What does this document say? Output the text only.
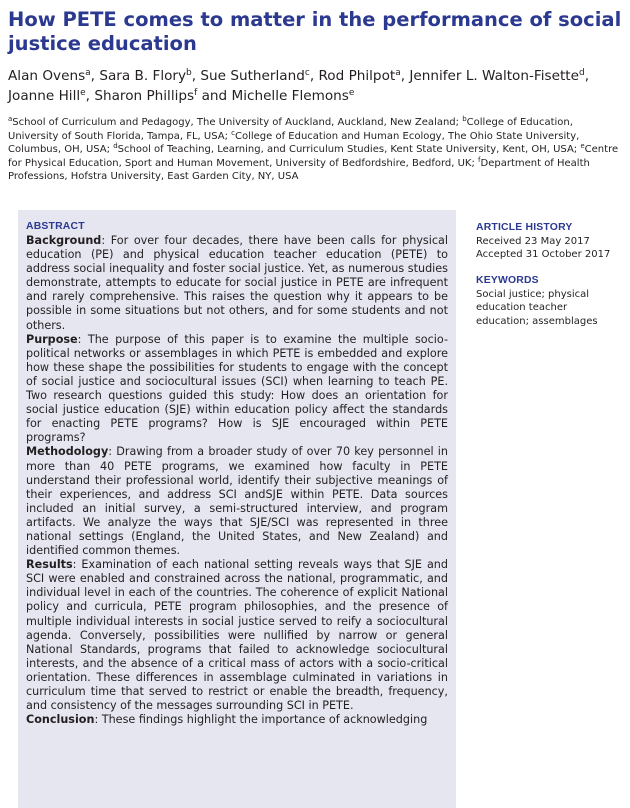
How PETE comes to matter in the performance of social justice education

Alan Ovens$^a$, Sara B. Flory$^b$, Sue Sutherland$^c$, Rod Philpot$^a$, Jennifer L. Walton-Fisette$^d$, Joanne Hill$^e$, Sharon Phillips$^f$ and Michelle Flemons$^e$

$^a$School of Curriculum and Pedagogy, The University of Auckland, Auckland, New Zealand; $^b$College of Education, University of South Florida, Tampa, FL, USA; $^c$College of Education and Human Ecology, The Ohio State University, Columbus, OH, USA; $^d$School of Teaching, Learning, and Curriculum Studies, Kent State University, Kent, OH, USA; $^e$Centre for Physical Education, Sport and Human Movement, University of Bedfordshire, Bedford, UK; $^f$Department of Health Professions, Hofstra University, East Garden City, NY, USA

ABSTRACT

Background: For over four decades, there have been calls for physical education (PE) and physical education teacher education (PETE) to address social inequality and foster social justice. Yet, as numerous studies demonstrate, attempts to educate for social justice in PETE are infrequent and rarely comprehensive. This raises the question why it appears to be possible in some situations but not others, and for some students and not others.

Purpose: The purpose of this paper is to examine the multiple socio-political networks or assemblages in which PETE is embedded and explore how these shape the possibilities for students to engage with the concept of social justice and sociocultural issues (SCI) when learning to teach PE. Two research questions guided this study: How does an orientation for social justice education (SJE) within education policy affect the standards for enacting PETE programs? How is SJE encouraged within PETE programs?

Methodology: Drawing from a broader study of over 70 key personnel in more than 40 PETE programs, we examined how faculty in PETE understand their professional world, identify their subjective meanings of their experiences, and address SCI andSJE within PETE. Data sources included an initial survey, a semi-structured interview, and program artifacts. We analyze the ways that SJE/SCI was represented in three national settings (England, the United States, and New Zealand) and identified common themes.

Results: Examination of each national setting reveals ways that SJE and SCI were enabled and constrained across the national, programmatic, and individual level in each of the countries. The coherence of explicit National policy and curricula, PETE program philosophies, and the presence of multiple individual interests in social justice served to reify a sociocultural agenda. Conversely, possibilities were nullified by narrow or general National Standards, programs that failed to acknowledge sociocultural interests, and the absence of a critical mass of actors with a socio-critical orientation. These differences in assemblage culminated in variations in curriculum time that served to restrict or enable the breadth, frequency, and consistency of the messages surrounding SCI in PETE.

Conclusion: These findings highlight the importance of acknowledging

ARTICLE HISTORY

Received 23 May 2017

Accepted 31 October 2017

KEYWORDS

Social justice; physical education teacher education; assemblages
